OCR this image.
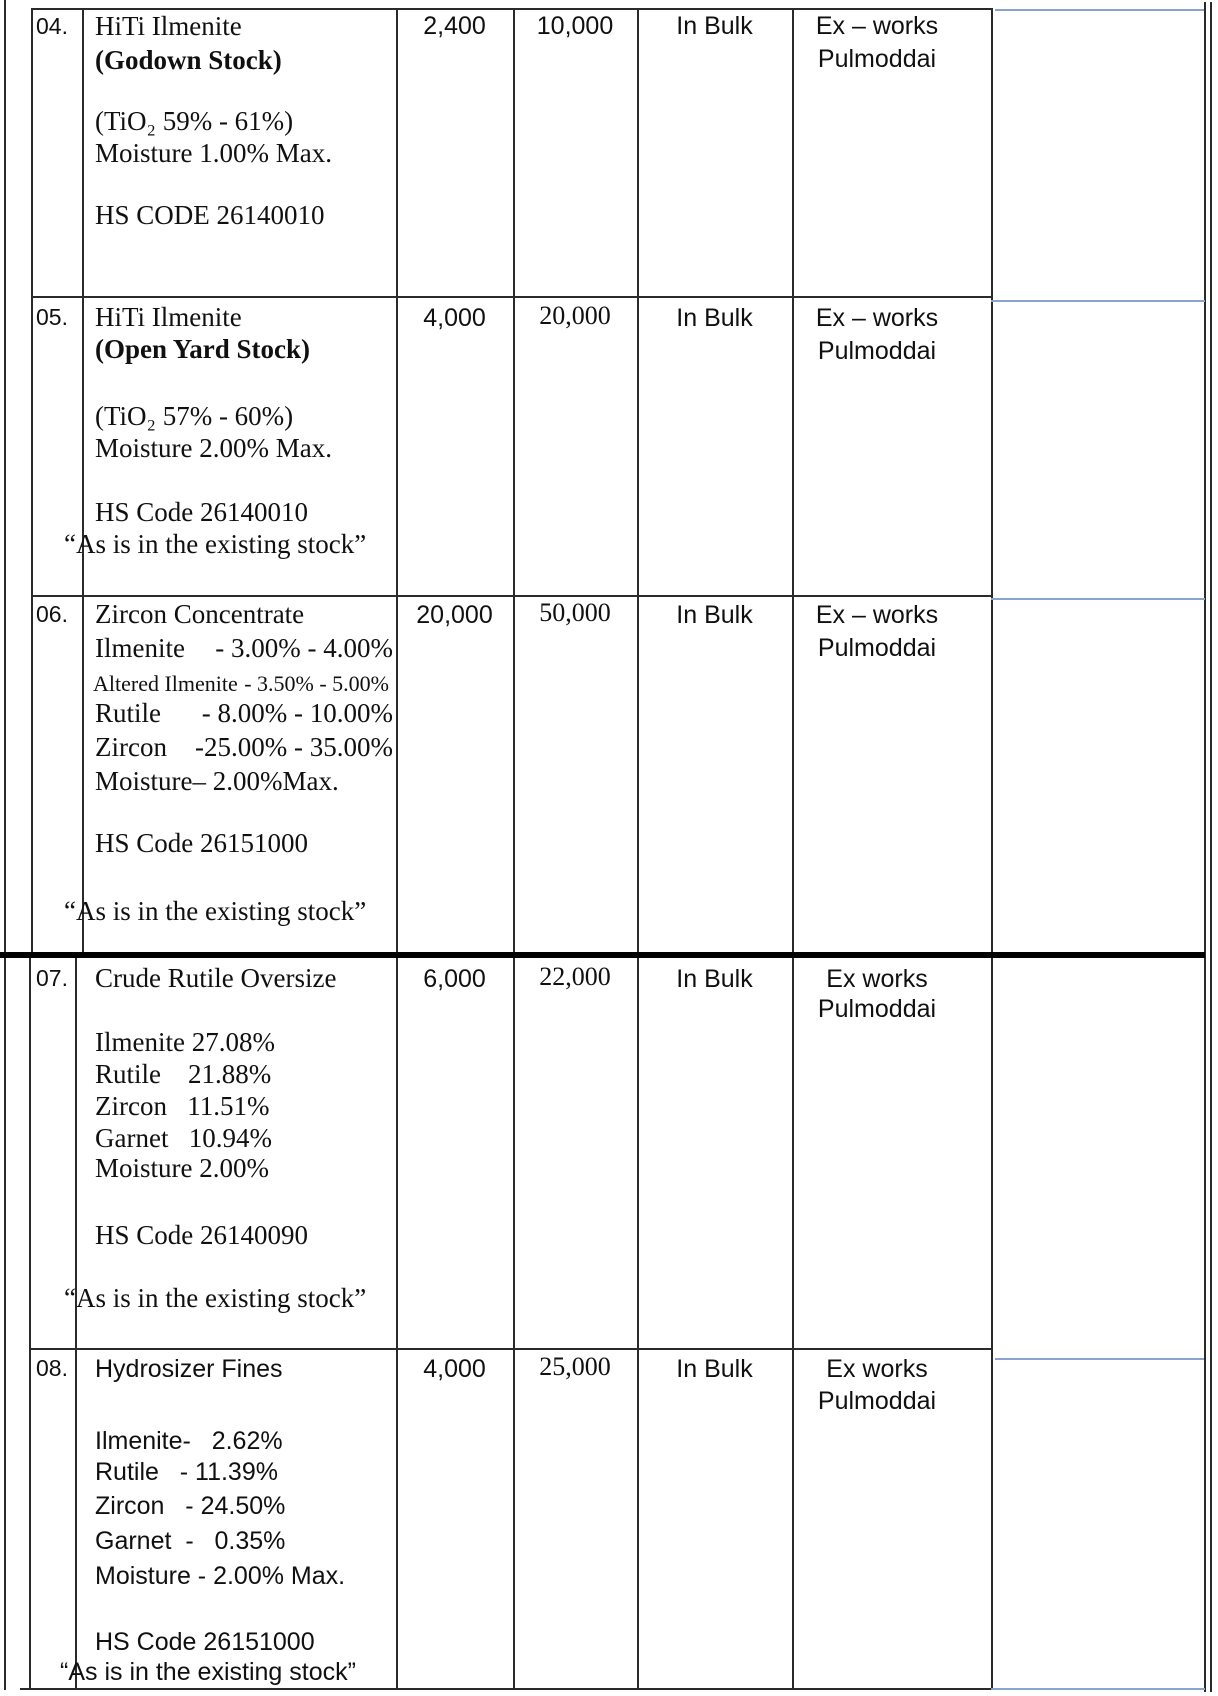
04. HiTi Ilmenite
(Godown Stock)
(TiO₂ 59% - 61%)
Moisture 1.00% Max.
HS CODE 26140010
2,400	10,000	In Bulk	Ex – works
Pulmoddai
05. HiTi Ilmenite
(Open Yard Stock)
(TiO₂ 57% - 60%)
Moisture 2.00% Max.
HS Code 26140010
“As is in the existing stock”
4,000	20,000	In Bulk	Ex – works
Pulmoddai
06. Zircon Concentrate
Ilmenite - 3.00% - 4.00%
Altered Ilmenite - 3.50% - 5.00%
Rutile - 8.00% - 10.00%
Zircon -25.00% - 35.00%
Moisture– 2.00%Max.
HS Code 26151000
“As is in the existing stock”
20,000	50,000	In Bulk	Ex – works
Pulmoddai
07. Crude Rutile Oversize
Ilmenite 27.08%
Rutile    21.88%
Zircon   11.51%
Garnet   10.94%
Moisture 2.00%
HS Code 26140090
“As is in the existing stock”
6,000	22,000	In Bulk	Ex works
Pulmoddai
08. Hydrosizer Fines
Ilmenite-   2.62%
Rutile   - 11.39%
Zircon   - 24.50%
Garnet  -   0.35%
Moisture - 2.00% Max.
HS Code 26151000
“As is in the existing stock”
4,000	25,000	In Bulk	Ex works
Pulmoddai
